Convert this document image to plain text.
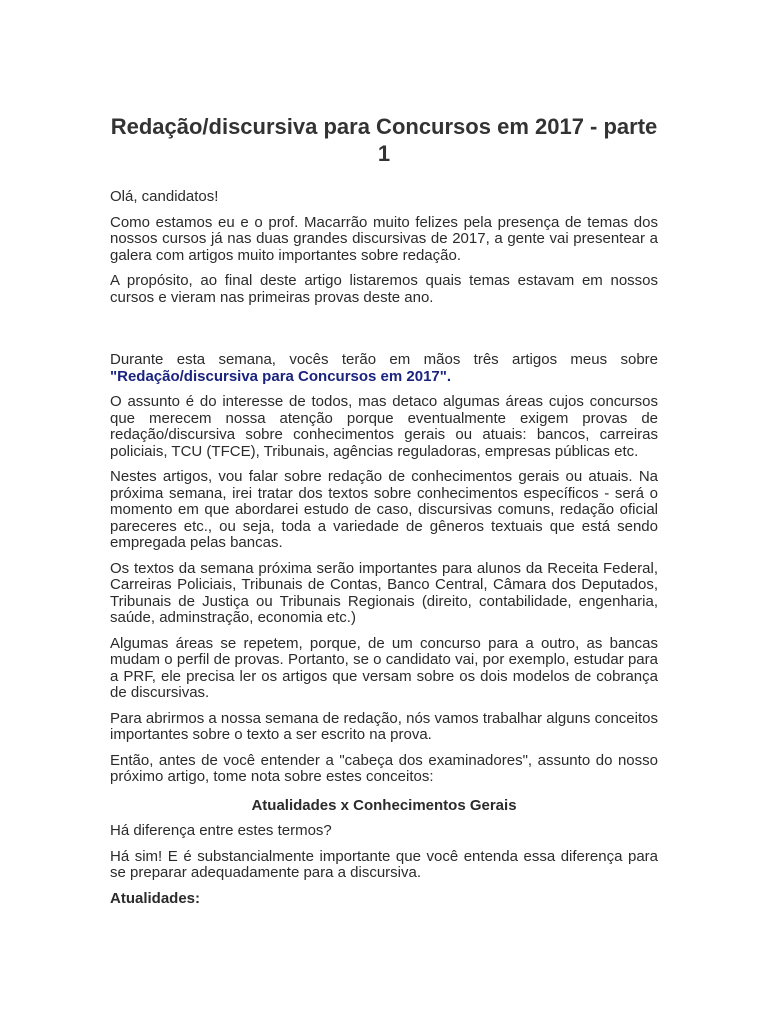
Redação/discursiva para Concursos em 2017 - parte 1

Olá, candidatos!

Como estamos eu e o prof. Macarrão muito felizes pela presença de temas dos nossos cursos já nas duas grandes discursivas de 2017, a gente vai presentear a galera com artigos muito importantes sobre redação.

A propósito, ao final deste artigo listaremos quais temas estavam em nossos cursos e vieram nas primeiras provas deste ano.

Durante esta semana, vocês terão em mãos três artigos meus sobre "Redação/discursiva para Concursos em 2017".

O assunto é do interesse de todos, mas detaco algumas áreas cujos concursos que merecem nossa atenção porque eventualmente exigem provas de redação/discursiva sobre conhecimentos gerais ou atuais: bancos, carreiras policiais, TCU (TFCE), Tribunais, agências reguladoras, empresas públicas etc.

Nestes artigos, vou falar sobre redação de conhecimentos gerais ou atuais. Na próxima semana, irei tratar dos textos sobre conhecimentos específicos - será o momento em que abordarei estudo de caso, discursivas comuns, redação oficial pareceres etc., ou seja, toda a variedade de gêneros textuais que está sendo empregada pelas bancas.

Os textos da semana próxima serão importantes para alunos da Receita Federal, Carreiras Policiais, Tribunais de Contas, Banco Central, Câmara dos Deputados, Tribunais de Justiça ou Tribunais Regionais (direito, contabilidade, engenharia, saúde, adminstração, economia etc.)

Algumas áreas se repetem, porque, de um concurso para a outro, as bancas mudam o perfil de provas. Portanto, se o candidato vai, por exemplo, estudar para a PRF, ele precisa ler os artigos que versam sobre os dois modelos de cobrança de discursivas.

Para abrirmos a nossa semana de redação, nós vamos trabalhar alguns conceitos importantes sobre o texto a ser escrito na prova.

Então, antes de você entender a "cabeça dos examinadores", assunto do nosso próximo artigo, tome nota sobre estes conceitos:

Atualidades x Conhecimentos Gerais

Há diferença entre estes termos?

Há sim! E é substancialmente importante que você entenda essa diferença para se preparar adequadamente para a discursiva.

Atualidades:
